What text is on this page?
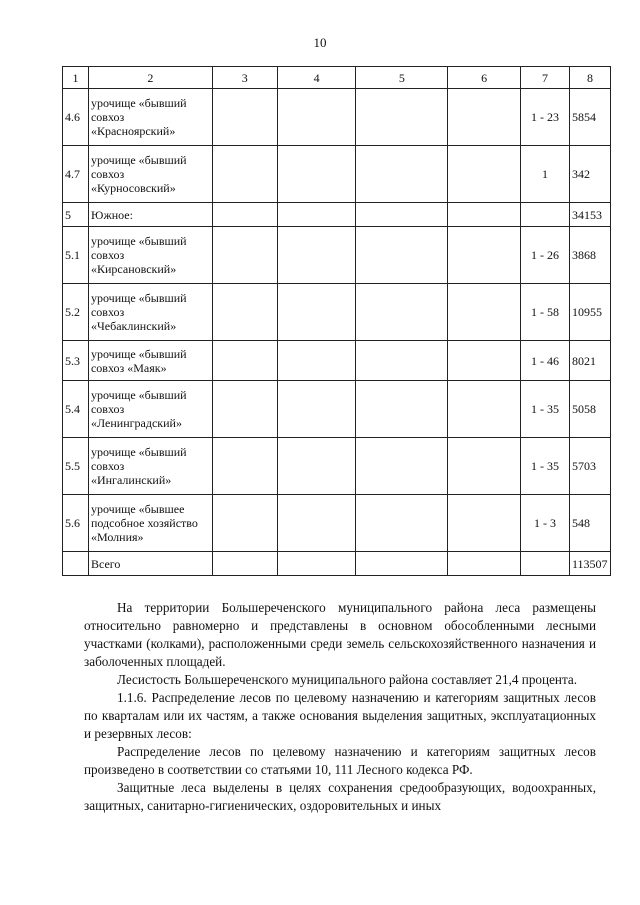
10
1	2	3	4	5	6	7	8
4.6	урочище «бывший
совхоз
«Красноярский»					1 - 23	5854
4.7	урочище «бывший
совхоз
«Курносовский»					1	342
5	Южное:						34153
5.1	урочище «бывший
совхоз
«Кирсановский»					1 - 26	3868
5.2	урочище «бывший
совхоз
«Чебаклинский»					1 - 58	10955
5.3	урочище «бывший
совхоз «Маяк»					1 - 46	8021
5.4	урочище «бывший
совхоз
«Ленинградский»					1 - 35	5058
5.5	урочище «бывший
совхоз
«Ингалинский»					1 - 35	5703
5.6	урочище «бывшее
подсобное хозяйство
«Молния»					1 - 3	548

	Всего						113507

На территории Большереченского муниципального района леса размещены относительно равномерно и представлены в основном обособленными лесными участками (колками), расположенными среди земель сельскохозяйственного назначения и заболоченных площадей.

Лесистость Большереченского муниципального района составляет 21,4 процента.

1.1.6. Распределение лесов по целевому назначению и категориям защитных лесов по кварталам или их частям, а также основания выделения защитных, эксплуатационных и резервных лесов:

Распределение лесов по целевому назначению и категориям защитных лесов произведено в соответствии со статьями 10, 111 Лесного кодекса РФ.

Защитные леса выделены в целях сохранения средообразующих, водоохранных, защитных, санитарно-гигиенических, оздоровительных и иных
